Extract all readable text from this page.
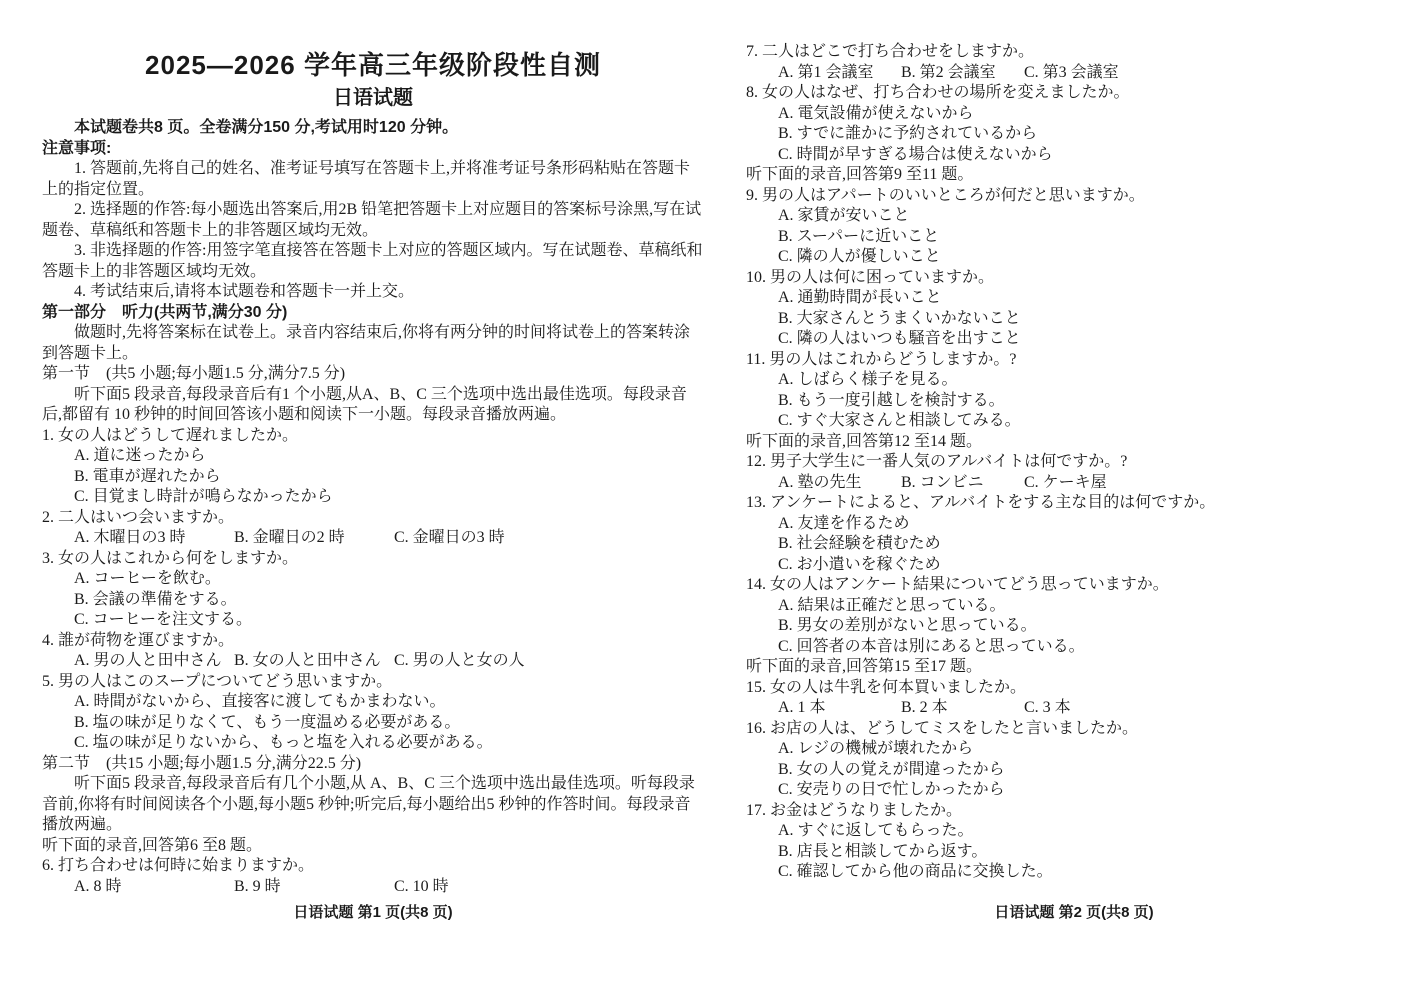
2025—2026 学年高三年级阶段性自测
日语试题

本试题卷共8 页。全卷满分150 分,考试用时120 分钟。

注意事项:

1. 答题前,先将自己的姓名、准考证号填写在答题卡上,并将准考证号条形码粘贴在答题卡上的指定位置。

2. 选择题的作答:每小题选出答案后,用2B 铅笔把答题卡上对应题目的答案标号涂黑,写在试题卷、草稿纸和答题卡上的非答题区域均无效。

3. 非选择题的作答:用签字笔直接答在答题卡上对应的答题区域内。写在试题卷、草稿纸和答题卡上的非答题区域均无效。

4. 考试结束后,请将本试题卷和答题卡一并上交。

第一部分　听力(共两节,满分30 分)

做题时,先将答案标在试卷上。录音内容结束后,你将有两分钟的时间将试卷上的答案转涂到答题卡上。

第一节　(共5 小题;每小题1.5 分,满分7.5 分)

听下面5 段录音,每段录音后有1 个小题,从A、B、C 三个选项中选出最佳选项。每段录音后,都留有 10 秒钟的时间回答该小题和阅读下一小题。每段录音播放两遍。

1. 女の人はどうして遅れましたか。

A. 道に迷ったから

B. 電車が遅れたから

C. 目覚まし時計が鳴らなかったから

2. 二人はいつ会いますか。

A. 木曜日の3 時	B. 金曜日の2 時	C. 金曜日の3 時

3. 女の人はこれから何をしますか。

A. コーヒーを飲む。

B. 会議の準備をする。

C. コーヒーを注文する。

4. 誰が荷物を運びますか。

A. 男の人と田中さん B. 女の人と田中さん C. 男の人と女の人

5. 男の人はこのスープについてどう思いますか。

A. 時間がないから、直接客に渡してもかまわない。

B. 塩の味が足りなくて、もう一度温める必要がある。

C. 塩の味が足りないから、もっと塩を入れる必要がある。

第二节　(共15 小题;每小题1.5 分,满分22.5 分)

听下面5 段录音,每段录音后有几个小题,从 A、B、C 三个选项中选出最佳选项。听每段录音前,你将有时间阅读各个小题,每小题5 秒钟;听完后,每小题给出5 秒钟的作答时间。每段录音播放两遍。

听下面的录音,回答第6 至8 题。

6. 打ち合わせは何時に始まりますか。

A. 8 時	B. 9 時	C. 10 時

7. 二人はどこで打ち合わせをしますか。

A. 第1 会議室	B. 第2 会議室	C. 第3 会議室

8. 女の人はなぜ、打ち合わせの場所を変えましたか。

A. 電気設備が使えないから

B. すでに誰かに予約されているから

C. 時間が早すぎる場合は使えないから

听下面的录音,回答第9 至11 题。

9. 男の人はアパートのいいところが何だと思いますか。

A. 家賃が安いこと

B. スーパーに近いこと

C. 隣の人が優しいこと

10. 男の人は何に困っていますか。

A. 通勤時間が長いこと

B. 大家さんとうまくいかないこと

C. 隣の人はいつも騒音を出すこと

11. 男の人はこれからどうしますか。?

A. しばらく様子を見る。

B. もう一度引越しを検討する。

C. すぐ大家さんと相談してみる。

听下面的录音,回答第12 至14 题。

12. 男子大学生に一番人気のアルバイトは何ですか。?

A. 塾の先生	B. コンビニ	C. ケーキ屋

13. アンケートによると、アルバイトをする主な目的は何ですか。

A. 友達を作るため

B. 社会経験を積むため

C. お小遣いを稼ぐため

14. 女の人はアンケート結果についてどう思っていますか。

A. 結果は正確だと思っている。

B. 男女の差別がないと思っている。

C. 回答者の本音は別にあると思っている。

听下面的录音,回答第15 至17 题。

15. 女の人は牛乳を何本買いましたか。

A. 1 本	B. 2 本	C. 3 本

16. お店の人は、どうしてミスをしたと言いましたか。

A. レジの機械が壊れたから

B. 女の人の覚えが間違ったから

C. 安売りの日で忙しかったから

17. お金はどうなりましたか。

A. すぐに返してもらった。

B. 店長と相談してから返す。

C. 確認してから他の商品に交換した。

日语试题 第1 页(共8 页)	日语试题 第2 页(共8 页)
